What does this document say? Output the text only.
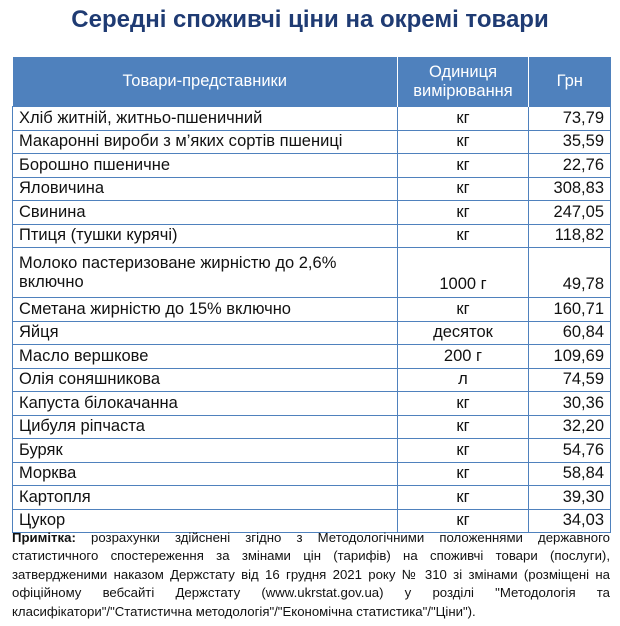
Середні споживчі ціни на окремі товари
Товари-представники	Одиниця вимірювання	Грн
Хліб житній, житньо-пшеничний	кг	73,79
Макаронні вироби з м’яких сортів пшениці	кг	35,59
Борошно пшеничне	кг	22,76
Яловичина	кг	308,83
Свинина	кг	247,05
Птиця (тушки курячі)	кг	118,82
Молоко пастеризоване жирністю до 2,6% включно	1000 г	49,78
Сметана жирністю до 15% включно	кг	160,71
Яйця	десяток	60,84
Масло вершкове	200 г	109,69
Олія соняшникова	л	74,59
Капуста білокачанна	кг	30,36
Цибуля ріпчаста	кг	32,20
Буряк	кг	54,76
Морква	кг	58,84
Картопля	кг	39,30
Цукор	кг	34,03
Примітка: розрахунки здійснені згідно з Методологічними положеннями державного статистичного спостереження за змінами цін (тарифів) на споживчі товари (послуги), затвердженими наказом Держстату від 16 грудня 2021 року № 310 зі змінами (розміщені на офіційному вебсайті Держстату (www.ukrstat.gov.ua) у розділі "Методологія та класифікатори"/"Статистична методологія"/"Економічна статистика"/"Ціни").
